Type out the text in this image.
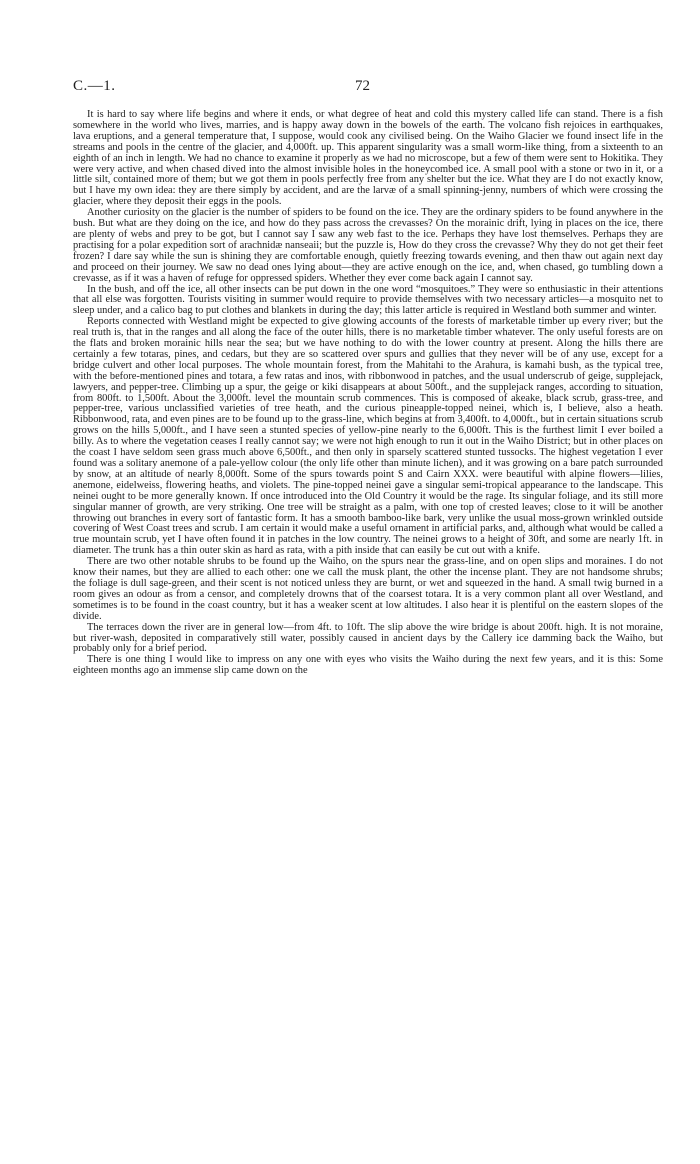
C.—1.	72

It is hard to say where life begins and where it ends, or what degree of heat and cold this mystery called life can stand. There is a fish somewhere in the world who lives, marries, and is happy away down in the bowels of the earth. The volcano fish rejoices in earthquakes, lava eruptions, and a general temperature that, I suppose, would cook any civilised being. On the Waiho Glacier we found insect life in the streams and pools in the centre of the glacier, and 4,000ft. up. This apparent singularity was a small worm-like thing, from a sixteenth to an eighth of an inch in length. We had no chance to examine it properly as we had no microscope, but a few of them were sent to Hokitika. They were very active, and when chased dived into the almost invisible holes in the honeycombed ice. A small pool with a stone or two in it, or a little silt, contained more of them; but we got them in pools perfectly free from any shelter but the ice. What they are I do not exactly know, but I have my own idea: they are there simply by accident, and are the larvæ of a small spinning-jenny, numbers of which were crossing the glacier, where they deposit their eggs in the pools.

Another curiosity on the glacier is the number of spiders to be found on the ice. They are the ordinary spiders to be found anywhere in the bush. But what are they doing on the ice, and how do they pass across the crevasses? On the morainic drift, lying in places on the ice, there are plenty of webs and prey to be got, but I cannot say I saw any web fast to the ice. Perhaps they have lost themselves. Perhaps they are practising for a polar expedition sort of arachnidæ nanseaii; but the puzzle is, How do they cross the crevasse? Why they do not get their feet frozen? I dare say while the sun is shining they are comfortable enough, quietly freezing towards evening, and then thaw out again next day and proceed on their journey. We saw no dead ones lying about—they are active enough on the ice, and, when chased, go tumbling down a crevasse, as if it was a haven of refuge for oppressed spiders. Whether they ever come back again I cannot say.

In the bush, and off the ice, all other insects can be put down in the one word “mosquitoes.” They were so enthusiastic in their attentions that all else was forgotten. Tourists visiting in summer would require to provide themselves with two necessary articles—a mosquito net to sleep under, and a calico bag to put clothes and blankets in during the day; this latter article is required in Westland both summer and winter.

Reports connected with Westland might be expected to give glowing accounts of the forests of marketable timber up every river; but the real truth is, that in the ranges and all along the face of the outer hills, there is no marketable timber whatever. The only useful forests are on the flats and broken morainic hills near the sea; but we have nothing to do with the lower country at present. Along the hills there are certainly a few totaras, pines, and cedars, but they are so scattered over spurs and gullies that they never will be of any use, except for a bridge culvert and other local purposes. The whole mountain forest, from the Mahitahi to the Arahura, is kamahi bush, as the typical tree, with the before-mentioned pines and totara, a few ratas and inos, with ribbonwood in patches, and the usual underscrub of geige, supplejack, lawyers, and pepper-tree. Climbing up a spur, the geige or kiki disappears at about 500ft., and the supplejack ranges, according to situation, from 800ft. to 1,500ft. About the 3,000ft. level the mountain scrub commences. This is composed of akeake, black scrub, grass-tree, and pepper-tree, various unclassified varieties of tree heath, and the curious pineapple-topped neinei, which is, I believe, also a heath. Ribbonwood, rata, and even pines are to be found up to the grass-line, which begins at from 3,400ft. to 4,000ft., but in certain situations scrub grows on the hills 5,000ft., and I have seen a stunted species of yellow-pine nearly to the 6,000ft. This is the furthest limit I ever boiled a billy. As to where the vegetation ceases I really cannot say; we were not high enough to run it out in the Waiho District; but in other places on the coast I have seldom seen grass much above 6,500ft., and then only in sparsely scattered stunted tussocks. The highest vegetation I ever found was a solitary anemone of a pale-yellow colour (the only life other than minute lichen), and it was growing on a bare patch surrounded by snow, at an altitude of nearly 8,000ft. Some of the spurs towards point S and Cairn XXX. were beautiful with alpine flowers—lilies, anemone, eidelweiss, flowering heaths, and violets. The pine-topped neinei gave a singular semi-tropical appearance to the landscape. This neinei ought to be more generally known. If once introduced into the Old Country it would be the rage. Its singular foliage, and its still more singular manner of growth, are very striking. One tree will be straight as a palm, with one top of crested leaves; close to it will be another throwing out branches in every sort of fantastic form. It has a smooth bamboo-like bark, very unlike the usual moss-grown wrinkled outside covering of West Coast trees and scrub. I am certain it would make a useful ornament in artificial parks, and, although what would be called a true mountain scrub, yet I have often found it in patches in the low country. The neinei grows to a height of 30ft, and some are nearly 1ft. in diameter. The trunk has a thin outer skin as hard as rata, with a pith inside that can easily be cut out with a knife.

There are two other notable shrubs to be found up the Waiho, on the spurs near the grass-line, and on open slips and moraines. I do not know their names, but they are allied to each other: one we call the musk plant, the other the incense plant. They are not handsome shrubs; the foliage is dull sage-green, and their scent is not noticed unless they are burnt, or wet and squeezed in the hand. A small twig burned in a room gives an odour as from a censor, and completely drowns that of the coarsest totara. It is a very common plant all over Westland, and sometimes is to be found in the coast country, but it has a weaker scent at low altitudes. I also hear it is plentiful on the eastern slopes of the divide.

The terraces down the river are in general low—from 4ft. to 10ft. The slip above the wire bridge is about 200ft. high. It is not moraine, but river-wash, deposited in comparatively still water, possibly caused in ancient days by the Callery ice damming back the Waiho, but probably only for a brief period.

There is one thing I would like to impress on any one with eyes who visits the Waiho during the next few years, and it is this: Some eighteen months ago an immense slip came down on the
